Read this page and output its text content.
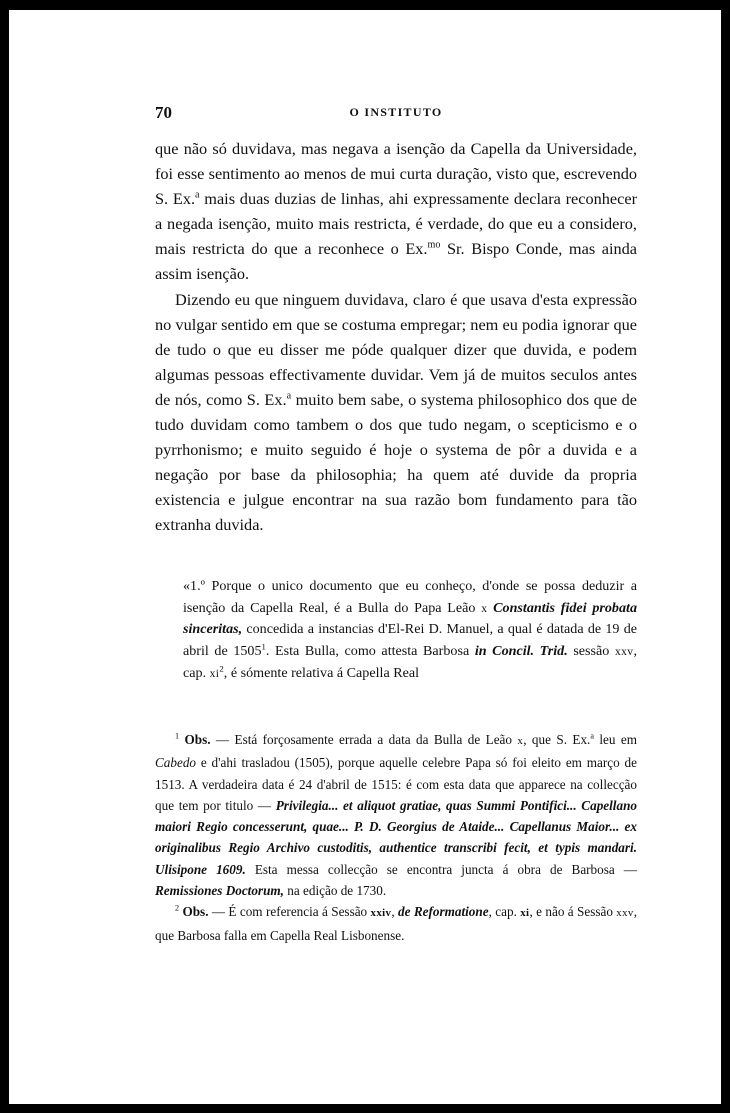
70	O INSTITUTO

que não só duvidava, mas negava a isenção da Capella da Universidade, foi esse sentimento ao menos de mui curta duração, visto que, escrevendo S. Ex.$^a$ mais duas duzias de linhas, ahi expressamente declara reconhecer a negada isenção, muito mais restricta, é verdade, do que eu a considero, mais restricta do que a reconhece o Ex.$^{mo}$ Sr. Bispo Conde, mas ainda assim isenção.

Dizendo eu que ninguem duvidava, claro é que usava d'esta expressão no vulgar sentido em que se costuma empregar; nem eu podia ignorar que de tudo o que eu disser me póde qualquer dizer que duvida, e podem algumas pessoas effectivamente duvidar. Vem já de muitos seculos antes de nós, como S. Ex.$^a$ muito bem sabe, o systema philosophico dos que de tudo duvidam como tambem o dos que tudo negam, o scepticismo e o pyrrhonismo; e muito seguido é hoje o systema de pôr a duvida e a negação por base da philosophia; ha quem até duvide da propria existencia e julgue encontrar na sua razão bom fundamento para tão extranha duvida.

«1.º Porque o unico documento que eu conheço, d'onde se possa deduzir a isenção da Capella Real, é a Bulla do Papa Leão x Constantis fidei probata sinceritas, concedida a instancias d'El-Rei D. Manuel, a qual é datada de 19 de abril de 1505$^1$. Esta Bulla, como attesta Barbosa in Concil. Trid. sessão xxv, cap. $xi^2$, é sómente relativa á Capella Real

$^1$ Obs. — Está forçosamente errada a data da Bulla de Leão x, que S. Ex.$^a$ leu em Cabedo e d'ahi trasladou (1505), porque aquelle celebre Papa só foi eleito em março de 1513. A verdadeira data é 24 d'abril de 1515: é com esta data que apparece na collecção que tem por titulo — Privilegia... et aliquot gratiae, quas Summi Pontifici... Capellano maiori Regio concesserunt, quae... P. D. Georgius de Ataide... Capellanus Maior... ex originalibus Regio Archivo custoditis, authentice transcribi fecit, et typis mandari. Ulisipone 1609. Esta messa collecção se encontra juncta á obra de Barbosa — Remissiones Doctorum, na edição de 1730.

$^2$ Obs. — É com referencia á Sessão xxiv, de Reformatione, cap. xi, e não á Sessão xxv, que Barbosa falla em Capella Real Lisbonense.
